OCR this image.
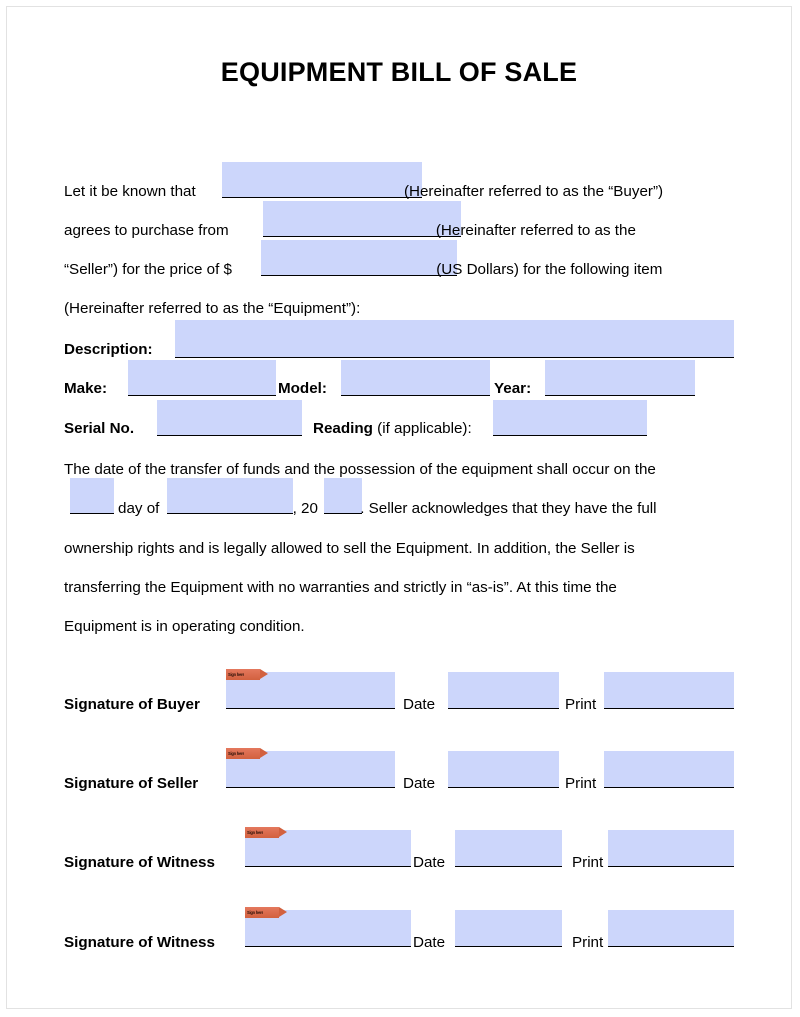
EQUIPMENT BILL OF SALE
Let it be known that	(Hereinafter referred to as the “Buyer”)
agrees to purchase from	(Hereinafter referred to as the
“Seller”) for the price of $	(US Dollars) for the following item
(Hereinafter referred to as the “Equipment”):
Description:
Make:	Model:	Year:
Serial No.	Reading (if applicable):
The date of the transfer of funds and the possession of the equipment shall occur on the
day of	, 20	. Seller acknowledges that they have the full
ownership rights and is legally allowed to sell the Equipment. In addition, the Seller is
transferring the Equipment with no warranties and strictly in “as-is”. At this time the
Equipment is in operating condition.
Sign here
Signature of Buyer	Date	Print
Sign here
Signature of Seller	Date	Print
Sign here
Signature of Witness	Date	Print
Sign here
Signature of Witness	Date	Print
